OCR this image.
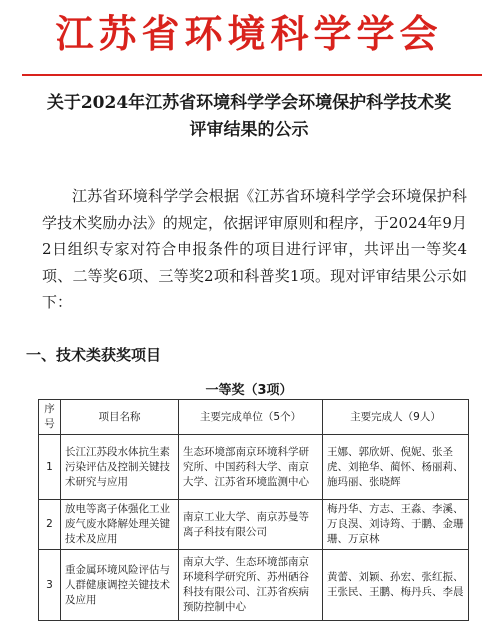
江苏省环境科学学会
关于2024年江苏省环境科学学会环境保护科学技术奖
评审结果的公示
江苏省环境科学学会根据《江苏省环境科学学会环境保护科学技术奖励办法》的规定，依据评审原则和程序，于2024年9月2日组织专家对符合申报条件的项目进行评审，共评出一等奖4项、二等奖6项、三等奖2项和科普奖1项。现对评审结果公示如下：
一、技术类获奖项目
一等奖（3项）
序号	项目名称	主要完成单位（5个）	主要完成人（9人）
1	长江江苏段水体抗生素污染评估及控制关键技术研究与应用	生态环境部南京环境科学研究所、中国药科大学、南京大学、江苏省环境监测中心	王娜、郭欣妍、倪妮、张圣虎、刘艳华、蔺怀、杨丽莉、施玛丽、张晓辉
2	放电等离子体强化工业废气废水降解处理关键技术及应用	南京工业大学、南京苏曼等离子科技有限公司	梅丹华、方志、王淼、李溪、万良淏、刘诗筠、于鹏、金珊珊、万京林
3	重金属环境风险评估与人群健康调控关键技术及应用	南京大学、生态环境部南京环境科学研究所、苏州硒谷科技有限公司、江苏省疾病预防控制中心	黄蕾、刘颖、孙宏、张红振、王张民、王鹏、梅丹兵、李晨
